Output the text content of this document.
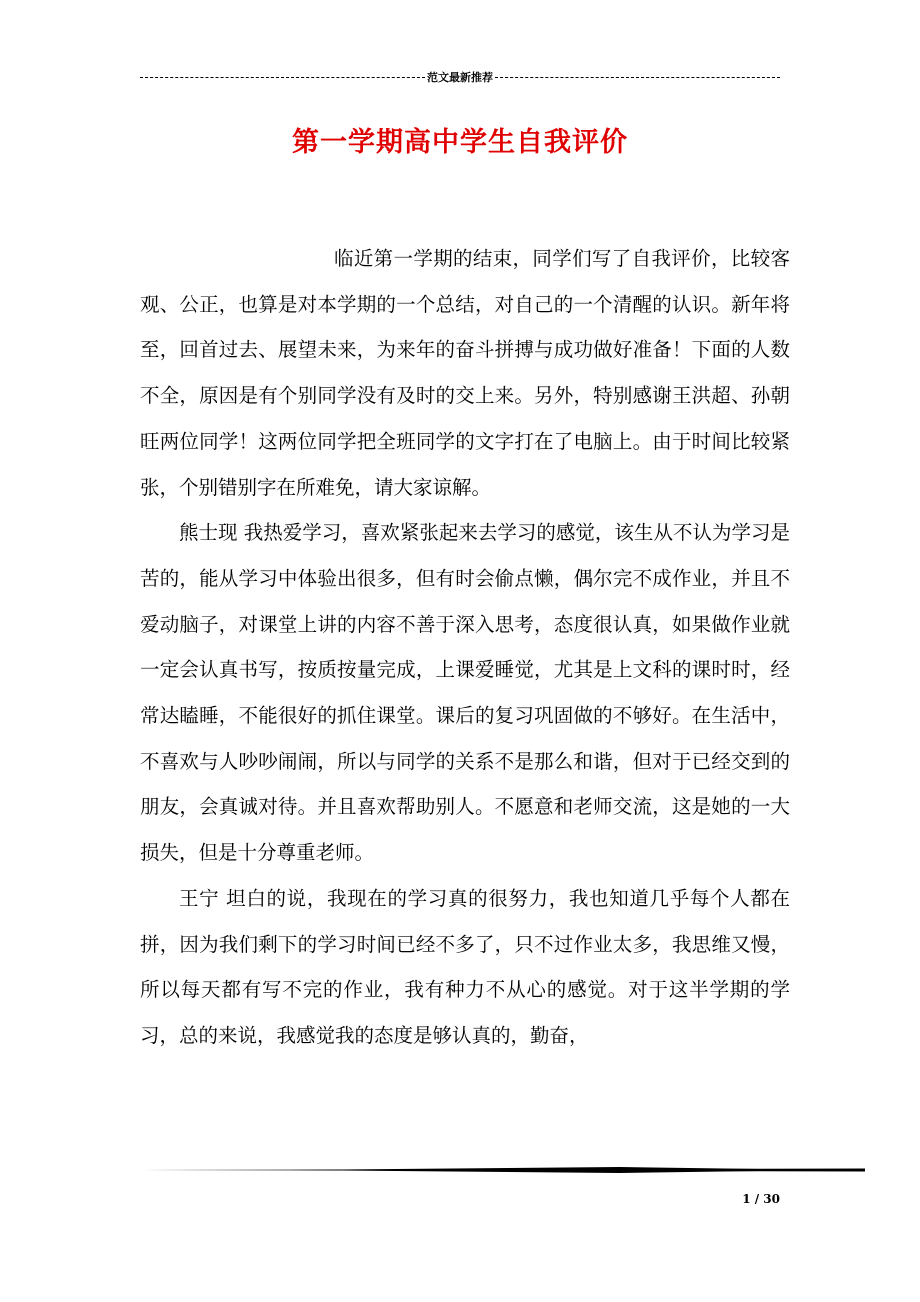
范文最新推荐
第一学期高中学生自我评价

临近第一学期的结束，同学们写了自我评价，比较客观、公正，也算是对本学期的一个总结，对自己的一个清醒的认识。新年将至，回首过去、展望未来，为来年的奋斗拼搏与成功做好准备！下面的人数不全，原因是有个别同学没有及时的交上来。另外，特别感谢王洪超、孙朝旺两位同学！这两位同学把全班同学的文字打在了电脑上。由于时间比较紧张，个别错别字在所难免，请大家谅解。

熊士现 我热爱学习，喜欢紧张起来去学习的感觉，该生从不认为学习是苦的，能从学习中体验出很多，但有时会偷点懒，偶尔完不成作业，并且不爱动脑子，对课堂上讲的内容不善于深入思考，态度很认真，如果做作业就一定会认真书写，按质按量完成，上课爱睡觉，尤其是上文科的课时时，经常达瞌睡，不能很好的抓住课堂。课后的复习巩固做的不够好。在生活中，不喜欢与人吵吵闹闹，所以与同学的关系不是那么和谐，但对于已经交到的朋友，会真诚对待。并且喜欢帮助别人。不愿意和老师交流，这是她的一大损失，但是十分尊重老师。

王宁 坦白的说，我现在的学习真的很努力，我也知道几乎每个人都在拼，因为我们剩下的学习时间已经不多了，只不过作业太多，我思维又慢，所以每天都有写不完的作业，我有种力不从心的感觉。对于这半学期的学习，总的来说，我感觉我的态度是够认真的，勤奋，

1 / 30
